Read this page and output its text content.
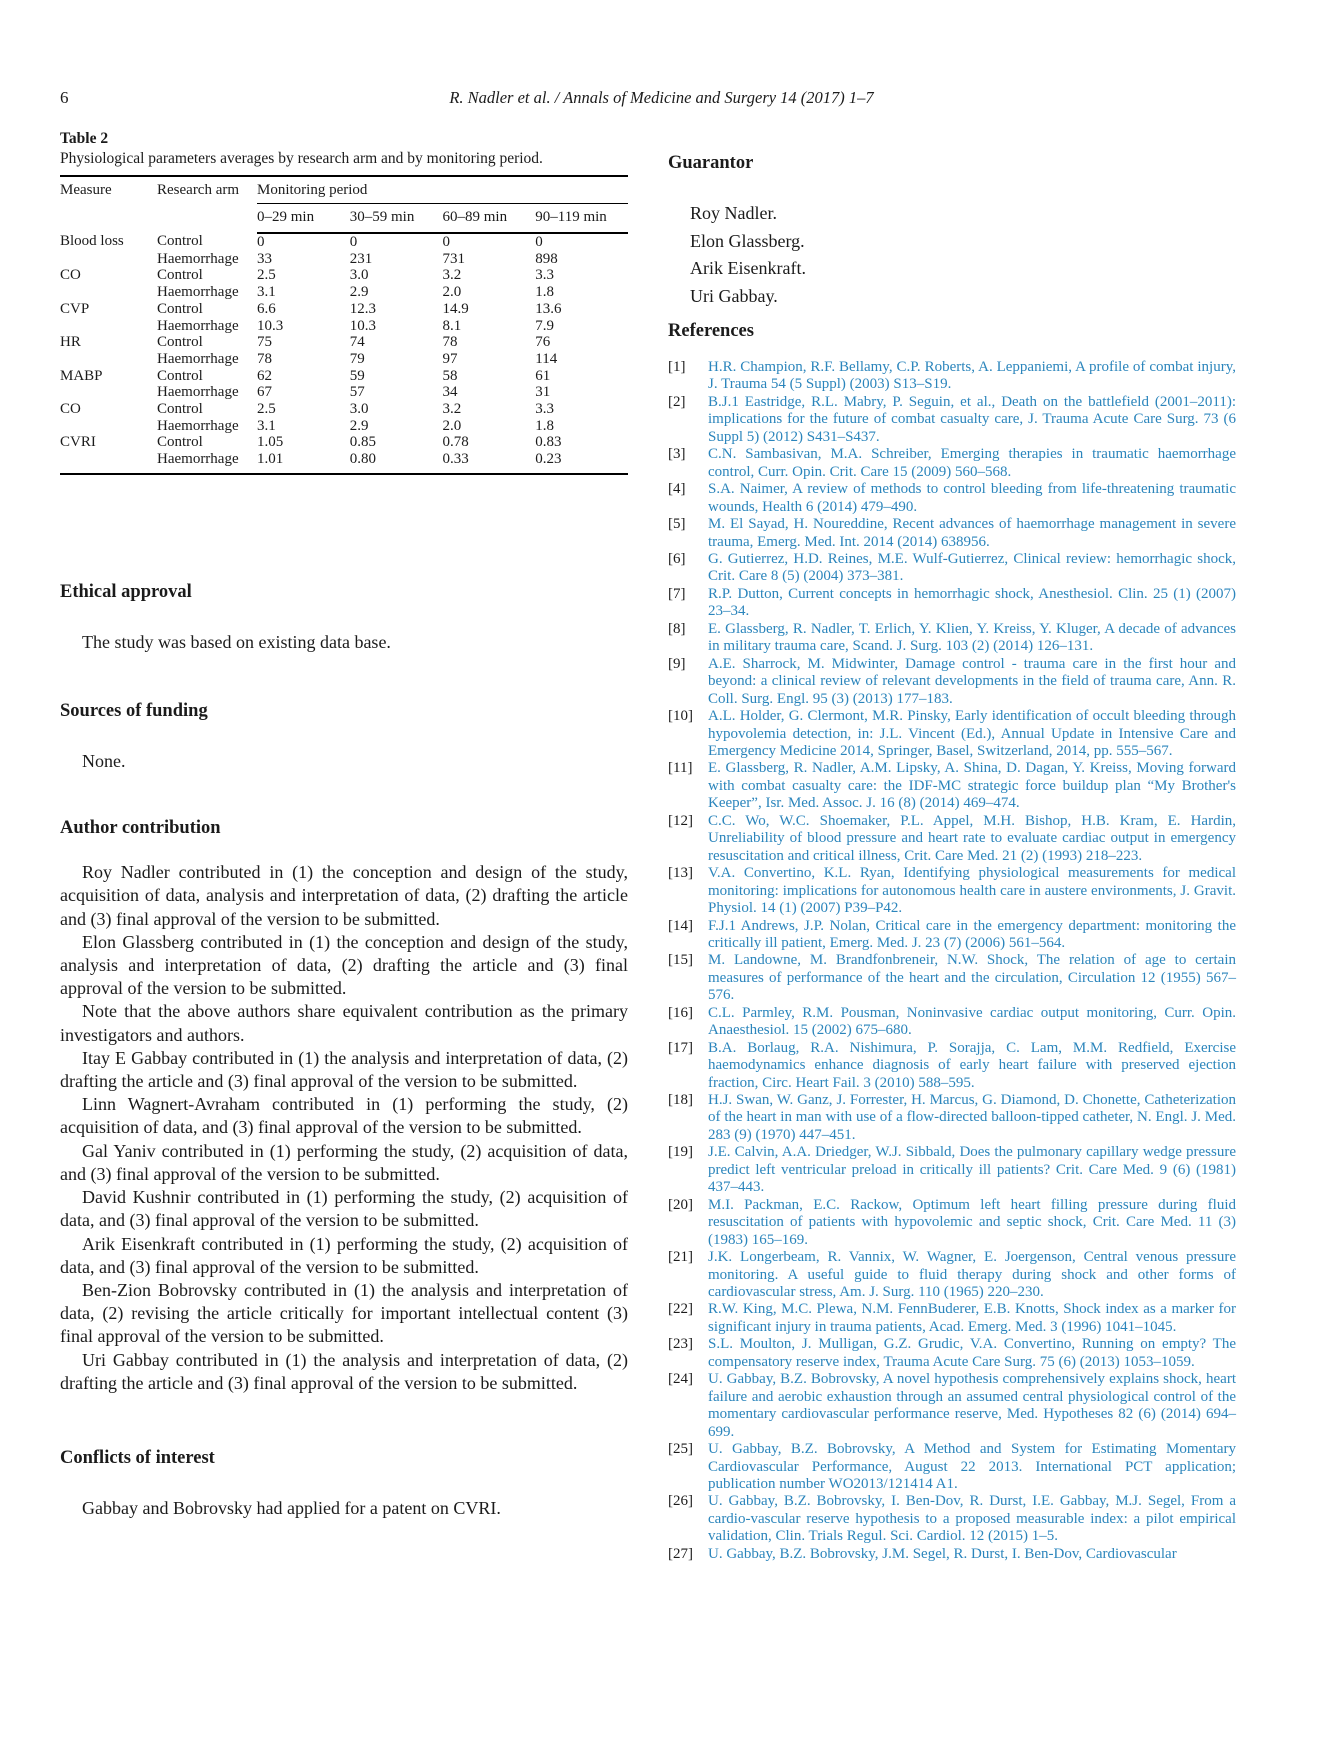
6	R. Nadler et al. / Annals of Medicine and Surgery 14 (2017) 1–7
Table 2
Physiological parameters averages by research arm and by monitoring period.
Measure	Research arm	Monitoring period			
		0–29 min	30–59 min	60–89 min	90–119 min
Blood loss	Control	0	0	0	0
	Haemorrhage	33	231	731	898
CO	Control	2.5	3.0	3.2	3.3
	Haemorrhage	3.1	2.9	2.0	1.8
CVP	Control	6.6	12.3	14.9	13.6
	Haemorrhage	10.3	10.3	8.1	7.9
HR	Control	75	74	78	76
	Haemorrhage	78	79	97	114
MABP	Control	62	59	58	61
	Haemorrhage	67	57	34	31
CO	Control	2.5	3.0	3.2	3.3
	Haemorrhage	3.1	2.9	2.0	1.8
CVRI	Control	1.05	0.85	0.78	0.83
	Haemorrhage	1.01	0.80	0.33	0.23
Ethical approval

The study was based on existing data base.

Sources of funding

None.

Author contribution

Roy Nadler contributed in (1) the conception and design of the study, acquisition of data, analysis and interpretation of data, (2) drafting the article and (3) final approval of the version to be submitted.

Elon Glassberg contributed in (1) the conception and design of the study, analysis and interpretation of data, (2) drafting the article and (3) final approval of the version to be submitted.

Note that the above authors share equivalent contribution as the primary investigators and authors.

Itay E Gabbay contributed in (1) the analysis and interpretation of data, (2) drafting the article and (3) final approval of the version to be submitted.

Linn Wagnert-Avraham contributed in (1) performing the study, (2) acquisition of data, and (3) final approval of the version to be submitted.

Gal Yaniv contributed in (1) performing the study, (2) acquisition of data, and (3) final approval of the version to be submitted.

David Kushnir contributed in (1) performing the study, (2) acquisition of data, and (3) final approval of the version to be submitted.

Arik Eisenkraft contributed in (1) performing the study, (2) acquisition of data, and (3) final approval of the version to be submitted.

Ben-Zion Bobrovsky contributed in (1) the analysis and interpretation of data, (2) revising the article critically for important intellectual content (3) final approval of the version to be submitted.

Uri Gabbay contributed in (1) the analysis and interpretation of data, (2) drafting the article and (3) final approval of the version to be submitted.

Conflicts of interest

Gabbay and Bobrovsky had applied for a patent on CVRI.

Guarantor
Roy Nadler.
Elon Glassberg.
Arik Eisenkraft.
Uri Gabbay.
References
[1]	H.R. Champion, R.F. Bellamy, C.P. Roberts, A. Leppaniemi, A profile of combat injury, J. Trauma 54 (5 Suppl) (2003) S13–S19.
[2]	B.J.1 Eastridge, R.L. Mabry, P. Seguin, et al., Death on the battlefield (2001–2011): implications for the future of combat casualty care, J. Trauma Acute Care Surg. 73 (6 Suppl 5) (2012) S431–S437.
[3]	C.N. Sambasivan, M.A. Schreiber, Emerging therapies in traumatic haemorrhage control, Curr. Opin. Crit. Care 15 (2009) 560–568.
[4]	S.A. Naimer, A review of methods to control bleeding from life-threatening traumatic wounds, Health 6 (2014) 479–490.
[5]	M. El Sayad, H. Noureddine, Recent advances of haemorrhage management in severe trauma, Emerg. Med. Int. 2014 (2014) 638956.
[6]	G. Gutierrez, H.D. Reines, M.E. Wulf-Gutierrez, Clinical review: hemorrhagic shock, Crit. Care 8 (5) (2004) 373–381.
[7]	R.P. Dutton, Current concepts in hemorrhagic shock, Anesthesiol. Clin. 25 (1) (2007) 23–34.
[8]	E. Glassberg, R. Nadler, T. Erlich, Y. Klien, Y. Kreiss, Y. Kluger, A decade of advances in military trauma care, Scand. J. Surg. 103 (2) (2014) 126–131.
[9]	A.E. Sharrock, M. Midwinter, Damage control - trauma care in the first hour and beyond: a clinical review of relevant developments in the field of trauma care, Ann. R. Coll. Surg. Engl. 95 (3) (2013) 177–183.
[10]	A.L. Holder, G. Clermont, M.R. Pinsky, Early identification of occult bleeding through hypovolemia detection, in: J.L. Vincent (Ed.), Annual Update in Intensive Care and Emergency Medicine 2014, Springer, Basel, Switzerland, 2014, pp. 555–567.
[11]	E. Glassberg, R. Nadler, A.M. Lipsky, A. Shina, D. Dagan, Y. Kreiss, Moving forward with combat casualty care: the IDF-MC strategic force buildup plan “My Brother's Keeper”, Isr. Med. Assoc. J. 16 (8) (2014) 469–474.
[12]	C.C. Wo, W.C. Shoemaker, P.L. Appel, M.H. Bishop, H.B. Kram, E. Hardin, Unreliability of blood pressure and heart rate to evaluate cardiac output in emergency resuscitation and critical illness, Crit. Care Med. 21 (2) (1993) 218–223.
[13]	V.A. Convertino, K.L. Ryan, Identifying physiological measurements for medical monitoring: implications for autonomous health care in austere environments, J. Gravit. Physiol. 14 (1) (2007) P39–P42.
[14]	F.J.1 Andrews, J.P. Nolan, Critical care in the emergency department: monitoring the critically ill patient, Emerg. Med. J. 23 (7) (2006) 561–564.
[15]	M. Landowne, M. Brandfonbreneir, N.W. Shock, The relation of age to certain measures of performance of the heart and the circulation, Circulation 12 (1955) 567–576.
[16]	C.L. Parmley, R.M. Pousman, Noninvasive cardiac output monitoring, Curr. Opin. Anaesthesiol. 15 (2002) 675–680.
[17]	B.A. Borlaug, R.A. Nishimura, P. Sorajja, C. Lam, M.M. Redfield, Exercise haemodynamics enhance diagnosis of early heart failure with preserved ejection fraction, Circ. Heart Fail. 3 (2010) 588–595.
[18]	H.J. Swan, W. Ganz, J. Forrester, H. Marcus, G. Diamond, D. Chonette, Catheterization of the heart in man with use of a flow-directed balloon-tipped catheter, N. Engl. J. Med. 283 (9) (1970) 447–451.
[19]	J.E. Calvin, A.A. Driedger, W.J. Sibbald, Does the pulmonary capillary wedge pressure predict left ventricular preload in critically ill patients? Crit. Care Med. 9 (6) (1981) 437–443.
[20]	M.I. Packman, E.C. Rackow, Optimum left heart filling pressure during fluid resuscitation of patients with hypovolemic and septic shock, Crit. Care Med. 11 (3) (1983) 165–169.
[21]	J.K. Longerbeam, R. Vannix, W. Wagner, E. Joergenson, Central venous pressure monitoring. A useful guide to fluid therapy during shock and other forms of cardiovascular stress, Am. J. Surg. 110 (1965) 220–230.
[22]	R.W. King, M.C. Plewa, N.M. FennBuderer, E.B. Knotts, Shock index as a marker for significant injury in trauma patients, Acad. Emerg. Med. 3 (1996) 1041–1045.
[23]	S.L. Moulton, J. Mulligan, G.Z. Grudic, V.A. Convertino, Running on empty? The compensatory reserve index, Trauma Acute Care Surg. 75 (6) (2013) 1053–1059.
[24]	U. Gabbay, B.Z. Bobrovsky, A novel hypothesis comprehensively explains shock, heart failure and aerobic exhaustion through an assumed central physiological control of the momentary cardiovascular performance reserve, Med. Hypotheses 82 (6) (2014) 694–699.
[25]	U. Gabbay, B.Z. Bobrovsky, A Method and System for Estimating Momentary Cardiovascular Performance, August 22 2013. International PCT application; publication number WO2013/121414 A1.
[26]	U. Gabbay, B.Z. Bobrovsky, I. Ben-Dov, R. Durst, I.E. Gabbay, M.J. Segel, From a cardio-vascular reserve hypothesis to a proposed measurable index: a pilot empirical validation, Clin. Trials Regul. Sci. Cardiol. 12 (2015) 1–5.
[27]	U. Gabbay, B.Z. Bobrovsky, J.M. Segel, R. Durst, I. Ben-Dov, Cardiovascular
